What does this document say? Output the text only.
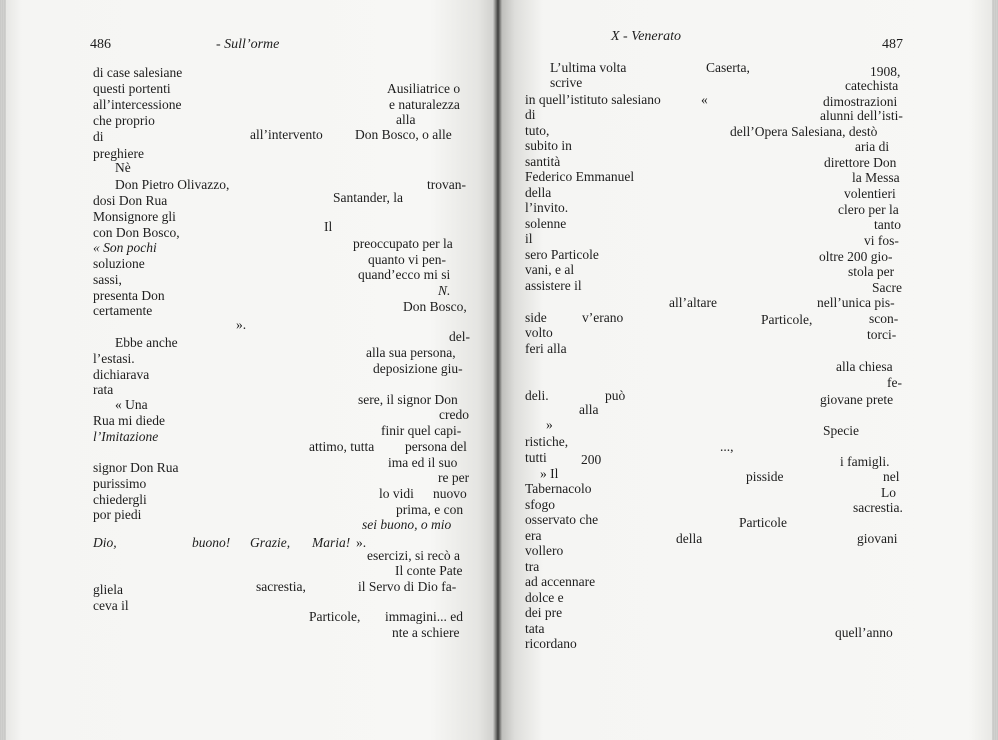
486	- Sull’orme
di case salesiane
questi portenti	Ausiliatrice o
all’intercessione	e naturalezza
che proprio	alla
di	all’intervento Don Bosco, o alle
preghiere
Nè
Don Pietro Olivazzo,	trovan-
dosi Don Rua	Santander, la
Monsignore gli
con Don Bosco,	Il
« Son pochi	preoccupato per la
soluzione	quanto vi pen-
sassi,	quand’ecco mi si
presenta Don	N.
certamente	Don Bosco,
».
Ebbe anche	del-
l’estasi.	alla sua persona,
dichiarava	deposizione giu-
rata
« Una	sere, il signor Don
Rua mi diede	credo
l’Imitazione	finir quel capi-
attimo, tutta persona del
signor Don Rua	ima ed il suo
purissimo	re per
chiedergli	lo vidi nuovo
por piedi	prima, e con
sei buono, o mio
Dio,	buono! Grazie, Maria! ».
esercizi, si recò a
Il conte Pate
gliela	sacrestia,	il Servo di Dio fa-
ceva il
Particole, immagini... ed
nte a schiere
X - Venerato
487
L’ultima volta	Caserta,	1908,
scrive	catechista
in quell’istituto salesiano	«	dimostrazioni
di	alunni dell’isti-
tuto,	dell’Opera Salesiana, destò
subito in	aria di
santità	direttore Don
Federico Emmanuel	la Messa
della	volentieri
l’invito.	clero per la
solenne	tanto
il	vi fos-
sero Particole	oltre 200 gio-
vani, e al	stola per
assistere il	Sacre
all’altare	nell’unica pis-
side	v’erano	Particole,	scon-
volto	torci-
feri alla
alla chiesa
fe-
deli.	può	giovane prete
alla
»	Specie
ristiche,	...,
tutti	200	i famigli.
» Il	pisside	nel
Tabernacolo	Lo
sfogo	sacrestia.
osservato che	Particole
era	della	giovani
vollero
tra
ad accennare
dolce e
dei pre
tata	quell’anno
ricordano
